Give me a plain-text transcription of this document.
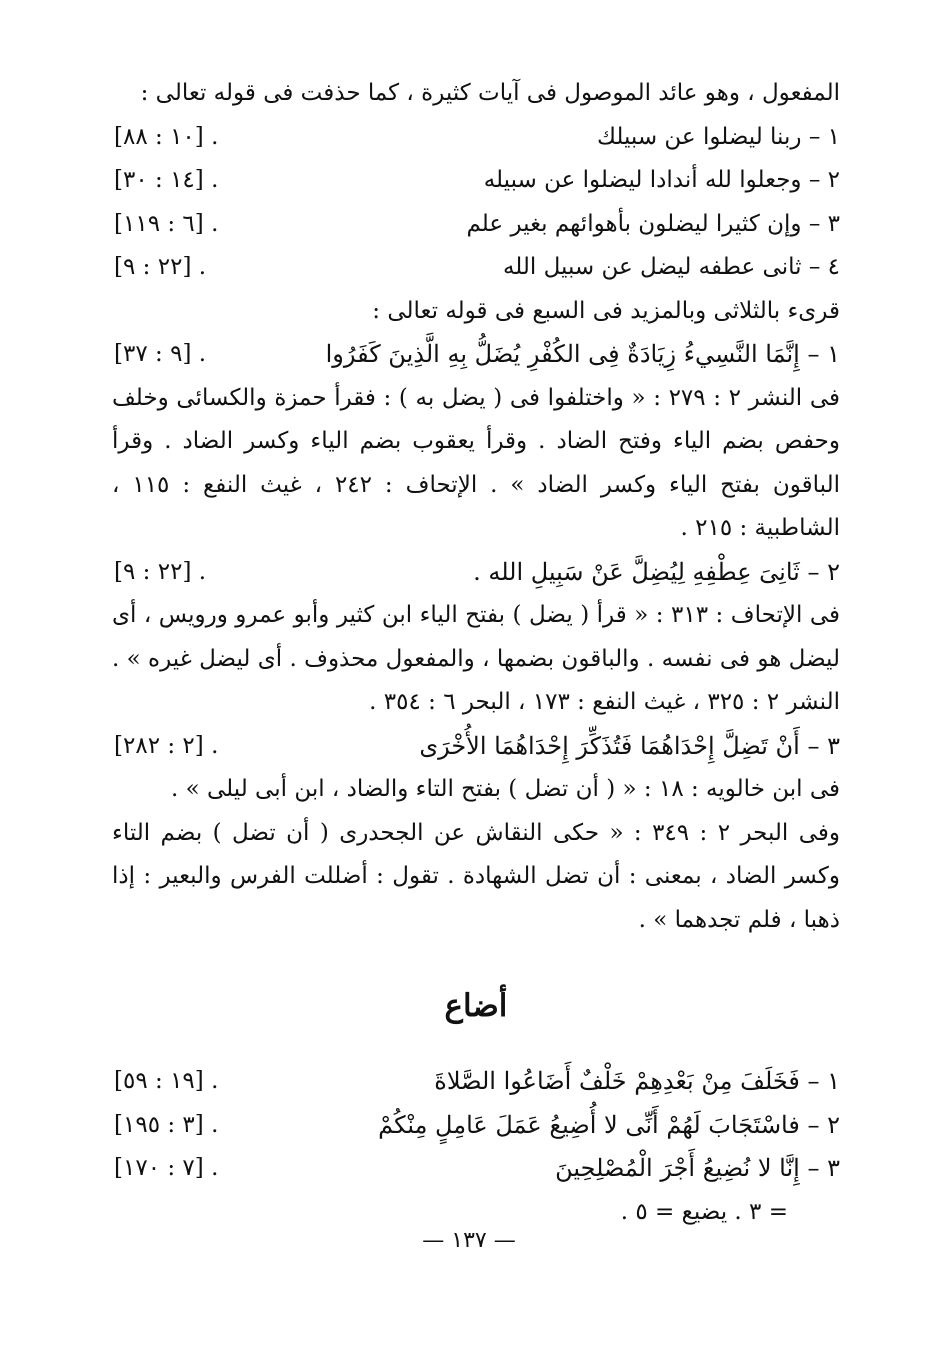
المفعول ، وهو عائد الموصول فى آيات كثيرة ، كما حذفت فى قوله تعالى :
١ – ربنا ليضلوا عن سبيلك
. [١٠ : ٨٨]
٢ – وجعلوا لله أندادا ليضلوا عن سبيله
. [١٤ : ٣٠]
٣ – وإن كثيرا ليضلون بأهوائهم بغير علم
. [٦ : ١١٩]
٤ – ثانى عطفه ليضل عن سبيل الله
. [٢٢ : ٩]
قرىء بالثلاثى وبالمزيد فى السبع فى قوله تعالى :
١ – إِنَّمَا النَّسِيءُ زِيَادَةٌ فِى الكُفْرِ يُضَلُّ بِهِ الَّذِينَ كَفَرُوا
. [٩ : ٣٧]
فى النشر ٢ : ٢٧٩ : « واختلفوا فى ( يضل به ) : فقرأ حمزة والكسائى وخلف وحفص بضم الياء وفتح الضاد . وقرأ يعقوب بضم الياء وكسر الضاد . وقرأ الباقون بفتح الياء وكسر الضاد » . الإتحاف : ٢٤٢ ، غيث النفع : ١١٥ ، الشاطبية : ٢١٥ .
٢ – ثَانِىَ عِطْفِهِ لِيُضِلَّ عَنْ سَبِيلِ الله .
. [٢٢ : ٩]
فى الإتحاف : ٣١٣ : « قرأ ( يضل ) بفتح الياء ابن كثير وأبو عمرو ورويس ، أى ليضل هو فى نفسه . والباقون بضمها ، والمفعول محذوف . أى ليضل غيره » . النشر ٢ : ٣٢٥ ، غيث النفع : ١٧٣ ، البحر ٦ : ٣٥٤ .
٣ – أَنْ تَضِلَّ إِحْدَاهُمَا فَتُذَكِّرَ إِحْدَاهُمَا الأُخْرَى
. [٢ : ٢٨٢]
فى ابن خالويه : ١٨ : « ( أن تضل ) بفتح التاء والضاد ، ابن أبى ليلى » .
وفى البحر ٢ : ٣٤٩ : « حكى النقاش عن الجحدرى ( أن تضل ) بضم التاء وكسر الضاد ، بمعنى : أن تضل الشهادة . تقول : أضللت الفرس والبعير : إذا ذهبا ، فلم تجدهما » .
أضاع
١ – فَخَلَفَ مِنْ بَعْدِهِمْ خَلْفٌ أَضَاعُوا الصَّلاةَ
. [١٩ : ٥٩]
٢ – فاسْتَجَابَ لَهُمْ أَنِّى لا أُضِيعُ عَمَلَ عَامِلٍ مِنْكُمْ
. [٣ : ١٩٥]
٣ – إِنَّا لا نُضِيعُ أَجْرَ الْمُصْلِحِينَ
. [٧ : ١٧٠]
= ٣ . يضيع = ٥ .
— ١٣٧ —
